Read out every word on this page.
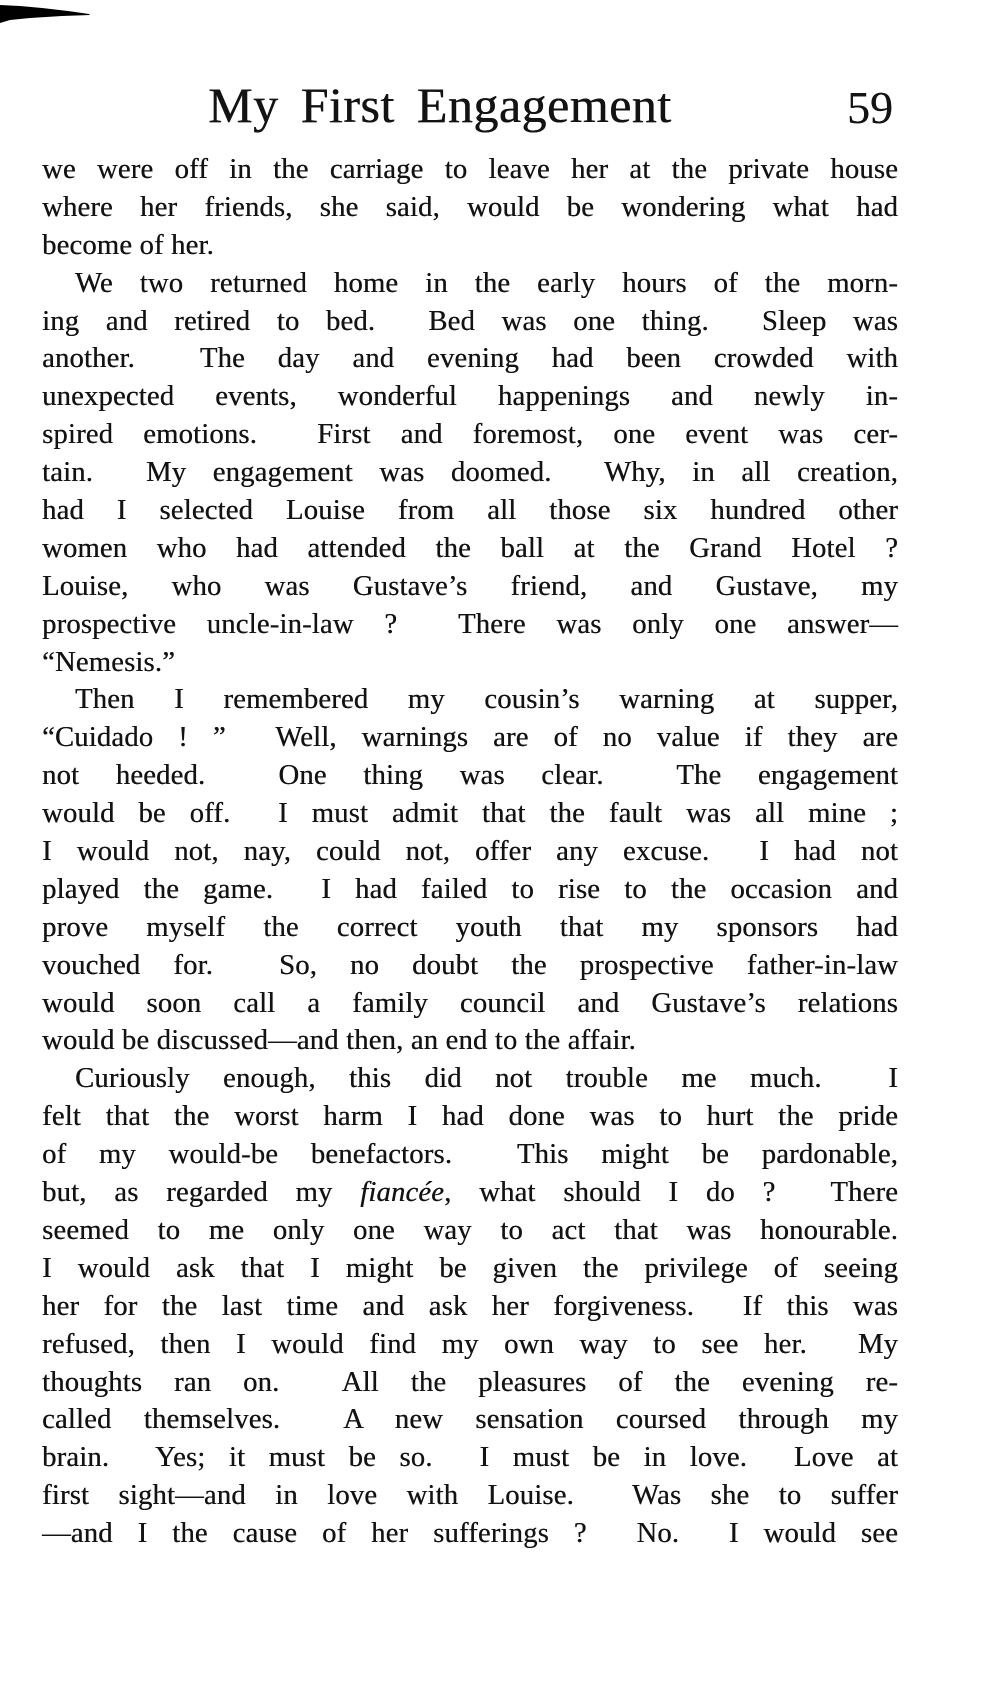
My First Engagement	59
we were off in the carriage to leave her at the private house
where her friends, she said, would be wondering what had
become of her.
We two returned home in the early hours of the morn-
ing and retired to bed.  Bed was one thing.  Sleep was
another.  The day and evening had been crowded with
unexpected events, wonderful happenings and newly in-
spired emotions.  First and foremost, one event was cer-
tain.  My engagement was doomed.  Why, in all creation,
had I selected Louise from all those six hundred other
women who had attended the ball at the Grand Hotel ?
Louise, who was Gustave’s friend, and Gustave, my
prospective uncle-in-law ?  There was only one answer—
“Nemesis.”
Then I remembered my cousin’s warning at supper,
“Cuidado ! ”  Well, warnings are of no value if they are
not heeded.  One thing was clear.  The engagement
would be off.  I must admit that the fault was all mine ;
I would not, nay, could not, offer any excuse.  I had not
played the game.  I had failed to rise to the occasion and
prove myself the correct youth that my sponsors had
vouched for.  So, no doubt the prospective father-in-law
would soon call a family council and Gustave’s relations
would be discussed—and then, an end to the affair.
Curiously enough, this did not trouble me much.  I
felt that the worst harm I had done was to hurt the pride
of my would-be benefactors.  This might be pardonable,
but, as regarded my fiancée, what should I do ?  There
seemed to me only one way to act that was honourable.
I would ask that I might be given the privilege of seeing
her for the last time and ask her forgiveness.  If this was
refused, then I would find my own way to see her.  My
thoughts ran on.  All the pleasures of the evening re-
called themselves.  A new sensation coursed through my
brain.  Yes; it must be so.  I must be in love.  Love at
first sight—and in love with Louise.  Was she to suffer
—and I the cause of her sufferings ?  No.  I would see
